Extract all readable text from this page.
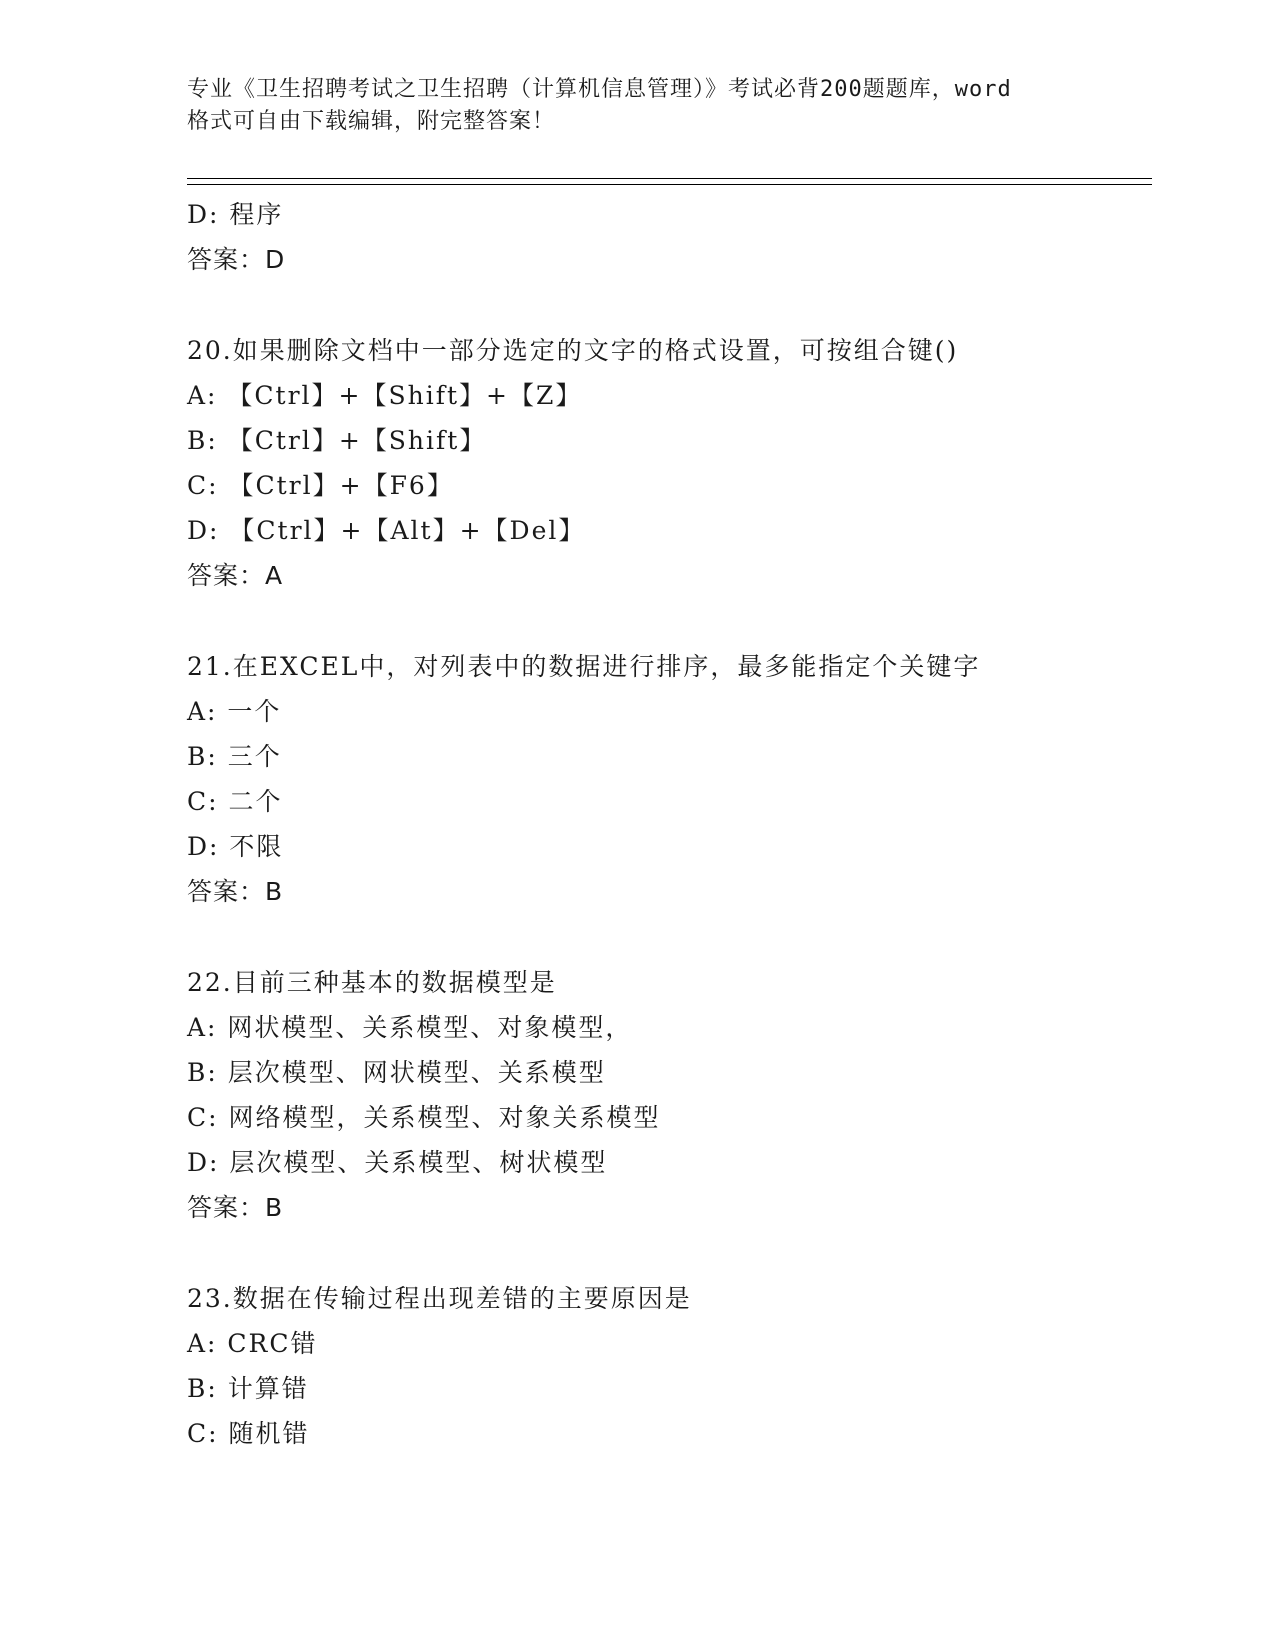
专业《卫生招聘考试之卫生招聘（计算机信息管理）》考试必背200题题库，word
格式可自由下载编辑，附完整答案！
D: 程序
答案：D
20.如果删除文档中一部分选定的文字的格式设置，可按组合键()
A: 【Ctrl】+【Shift】+【Z】
B: 【Ctrl】+【Shift】
C: 【Ctrl】+【F6】
D: 【Ctrl】+【Alt】+【Del】
答案：A
21.在EXCEL中，对列表中的数据进行排序，最多能指定个关键字
A: 一个
B: 三个
C: 二个
D: 不限
答案：B
22.目前三种基本的数据模型是
A: 网状模型、关系模型、对象模型，
B: 层次模型、网状模型、关系模型
C: 网络模型，关系模型、对象关系模型
D: 层次模型、关系模型、树状模型
答案：B
23.数据在传输过程出现差错的主要原因是
A: CRC错
B: 计算错
C: 随机错
